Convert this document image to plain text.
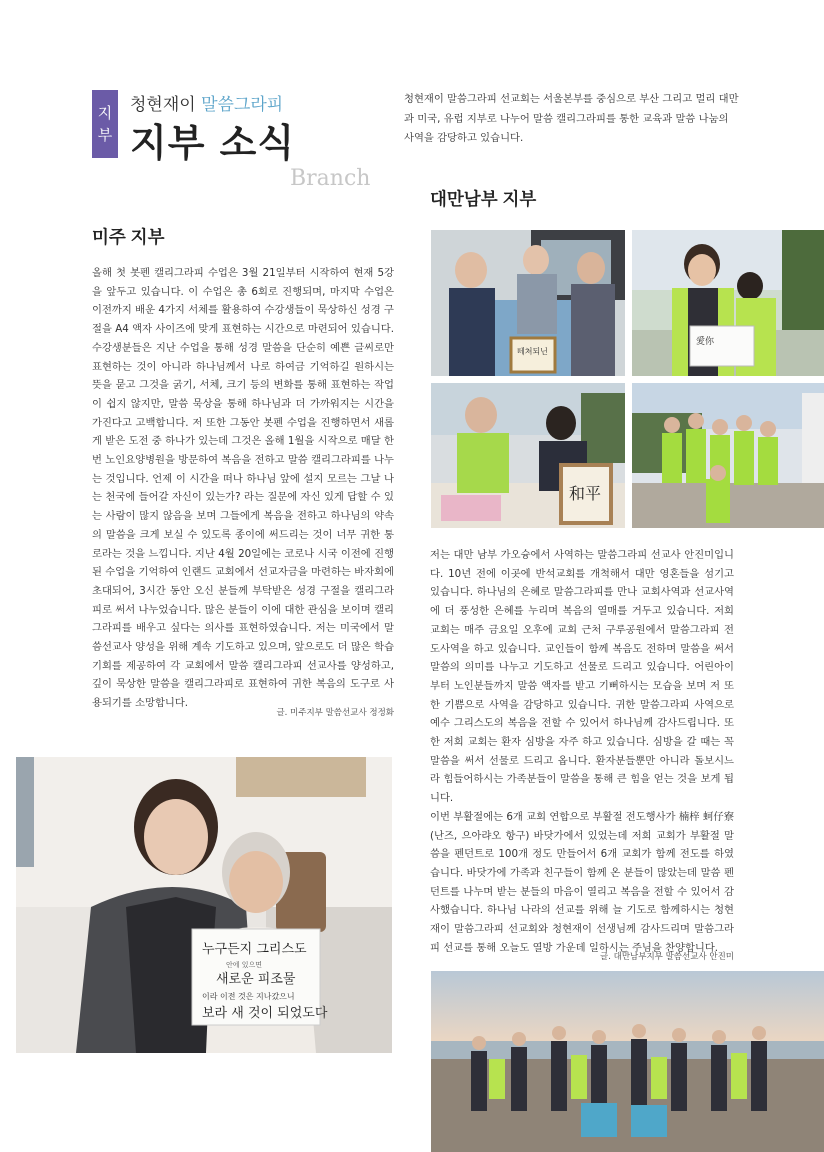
지
부
청현재이 말씀그라피
지부 소식
Branch
청현재이 말씀그라피 선교회는 서울본부를 중심으로 부산 그리고 멀리 대만과 미국, 유럽 지부로 나누어 말씀 캘리그라피를 통한 교육과 말씀 나눔의 사역을 감당하고 있습니다.
미주 지부

올해 첫 봇펜 캘리그라피 수업은 3월 21일부터 시작하여 현재 5강을 앞두고 있습니다. 이 수업은 총 6회로 진행되며, 마지막 수업은 이전까지 배운 4가지 서체를 활용하여 수강생들이 묵상하신 성경 구절을 A4 액자 사이즈에 맞게 표현하는 시간으로 마련되어 있습니다. 수강생분들은 지난 수업을 통해 성경 말씀을 단순히 예쁜 글씨로만 표현하는 것이 아니라 하나님께서 나로 하여금 기억하길 원하시는 뜻을 묻고 그것을 굵기, 서체, 크기 등의 변화를 통해 표현하는 작업이 쉽지 않지만, 말씀 묵상을 통해 하나님과 더 가까워지는 시간을 가진다고 고백합니다. 저 또한 그동안 봇펜 수업을 진행하면서 새롭게 받은 도전 중 하나가 있는데 그것은 올해 1월을 시작으로 매달 한 번 노인요양병원을 방문하여 복음을 전하고 말씀 캘리그라피를 나누는 것입니다. 언제 이 시간을 떠나 하나님 앞에 설지 모르는 그날 나는 천국에 들어갈 자신이 있는가? 라는 질문에 자신 있게 답할 수 있는 사람이 많지 않음을 보며 그들에게 복음을 전하고 하나님의 약속의 말씀을 크게 보실 수 있도록 종이에 써드리는 것이 너무 귀한 통로라는 것을 느낍니다. 지난 4월 20일에는 코로나 시국 이전에 진행된 수업을 기억하여 인랜드 교회에서 선교자금을 마련하는 바자회에 초대되어, 3시간 동안 오신 분들께 부탁받은 성경 구절을 캘리그라피로 써서 나누었습니다. 많은 분들이 이에 대한 관심을 보이며 캘리그라피를 배우고 싶다는 의사를 표현하였습니다. 저는 미국에서 말씀선교사 양성을 위해 계속 기도하고 있으며, 앞으로도 더 많은 학습기회를 제공하여 각 교회에서 말씀 캘리그라피 선교사를 양성하고, 깊이 묵상한 말씀을 캘리그라피로 표현하여 귀한 복음의 도구로 사용되기를 소망합니다.

글. 미주지부 말씀선교사 정정화
누구든지 그리스도
안에 있으면
새로운 피조물
이라 이전 것은 지나갔으니
보라 새 것이 되었도다
대만남부 지부
떼쳐되닌
愛你
和平

저는 대만 남부 가오슝에서 사역하는 말씀그라피 선교사 안진미입니다. 10년 전에 이곳에 반석교회를 개척해서 대만 영혼들을 섬기고 있습니다. 하나님의 은혜로 말씀그라피를 만나 교회사역과 선교사역에 더 풍성한 은혜를 누리며 복음의 열매를 거두고 있습니다. 저희 교회는 매주 금요일 오후에 교회 근처 구루공원에서 말씀그라피 전도사역을 하고 있습니다. 교인들이 함께 복음도 전하며 말씀을 써서 말씀의 의미를 나누고 기도하고 선물로 드리고 있습니다. 어린아이부터 노인분들까지 말씀 액자를 받고 기뻐하시는 모습을 보며 저 또한 기쁨으로 사역을 감당하고 있습니다. 귀한 말씀그라피 사역으로 예수 그리스도의 복음을 전할 수 있어서 하나님께 감사드립니다. 또한 저희 교회는 환자 심방을 자주 하고 있습니다. 심방을 갈 때는 꼭 말씀을 써서 선물로 드리고 옵니다. 환자분들뿐만 아니라 돌보시느라 힘들어하시는 가족분들이 말씀을 통해 큰 힘을 얻는 것을 보게 됩니다.

이번 부활절에는 6개 교회 연합으로 부활절 전도행사가 楠梓 蚵仔寮(난즈, 으아랴오 항구) 바닷가에서 있었는데 저희 교회가 부활절 말씀을 펜던트로 100개 정도 만들어서 6개 교회가 함께 전도를 하였습니다. 바닷가에 가족과 친구들이 함께 온 분들이 많았는데 말씀 펜던트를 나누며 받는 분들의 마음이 열리고 복음을 전할 수 있어서 감사했습니다. 하나님 나라의 선교를 위해 늘 기도로 함께하시는 청현재이 말씀그라피 선교회와 청현재이 선생님께 감사드리며 말씀그라피 선교를 통해 오늘도 열방 가운데 일하시는 주님을 찬양합니다.

글. 대만남부지부 말씀선교사 안진미
